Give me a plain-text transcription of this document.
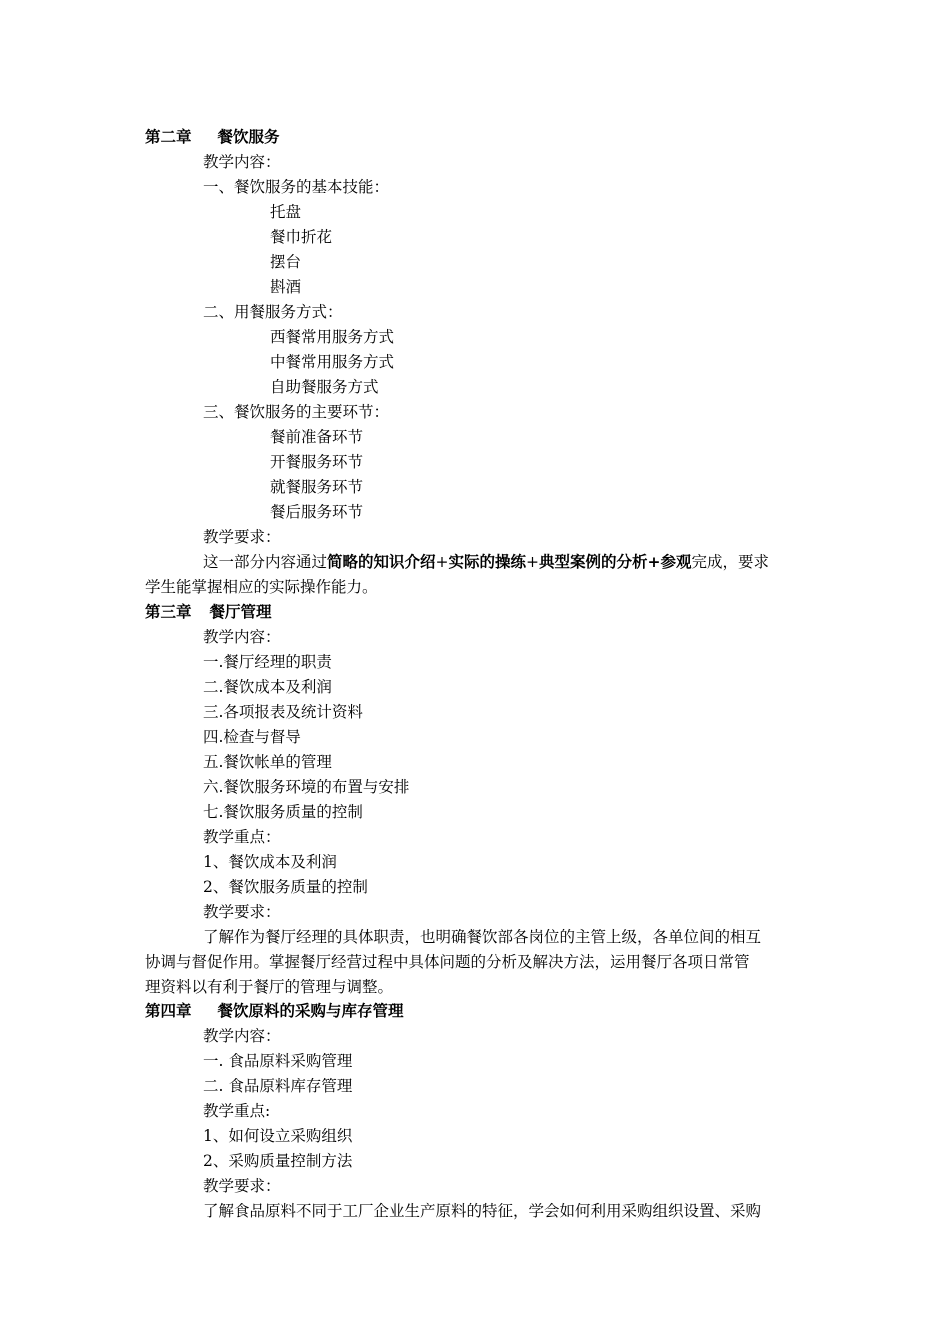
第二章 餐饮服务
教学内容：
一、餐饮服务的基本技能：
托盘
餐巾折花
摆台
斟酒
二、用餐服务方式：
西餐常用服务方式
中餐常用服务方式
自助餐服务方式
三、餐饮服务的主要环节：
餐前准备环节
开餐服务环节
就餐服务环节
餐后服务环节
教学要求：
这一部分内容通过简略的知识介绍+实际的操练+典型案例的分析+参观完成，要求
学生能掌握相应的实际操作能力。
第三章 餐厅管理
教学内容：
一.餐厅经理的职责
二.餐饮成本及利润
三.各项报表及统计资料
四.检查与督导
五.餐饮帐单的管理
六.餐饮服务环境的布置与安排
七.餐饮服务质量的控制
教学重点：
1、餐饮成本及利润
2、餐饮服务质量的控制
教学要求：
了解作为餐厅经理的具体职责，也明确餐饮部各岗位的主管上级，各单位间的相互
协调与督促作用。掌握餐厅经营过程中具体问题的分析及解决方法，运用餐厅各项日常管
理资料以有利于餐厅的管理与调整。
第四章 餐饮原料的采购与库存管理
教学内容：
一. 食品原料采购管理
二. 食品原料库存管理
教学重点:
1、如何设立采购组织
2、采购质量控制方法
教学要求：
了解食品原料不同于工厂企业生产原料的特征，学会如何利用采购组织设置、采购
